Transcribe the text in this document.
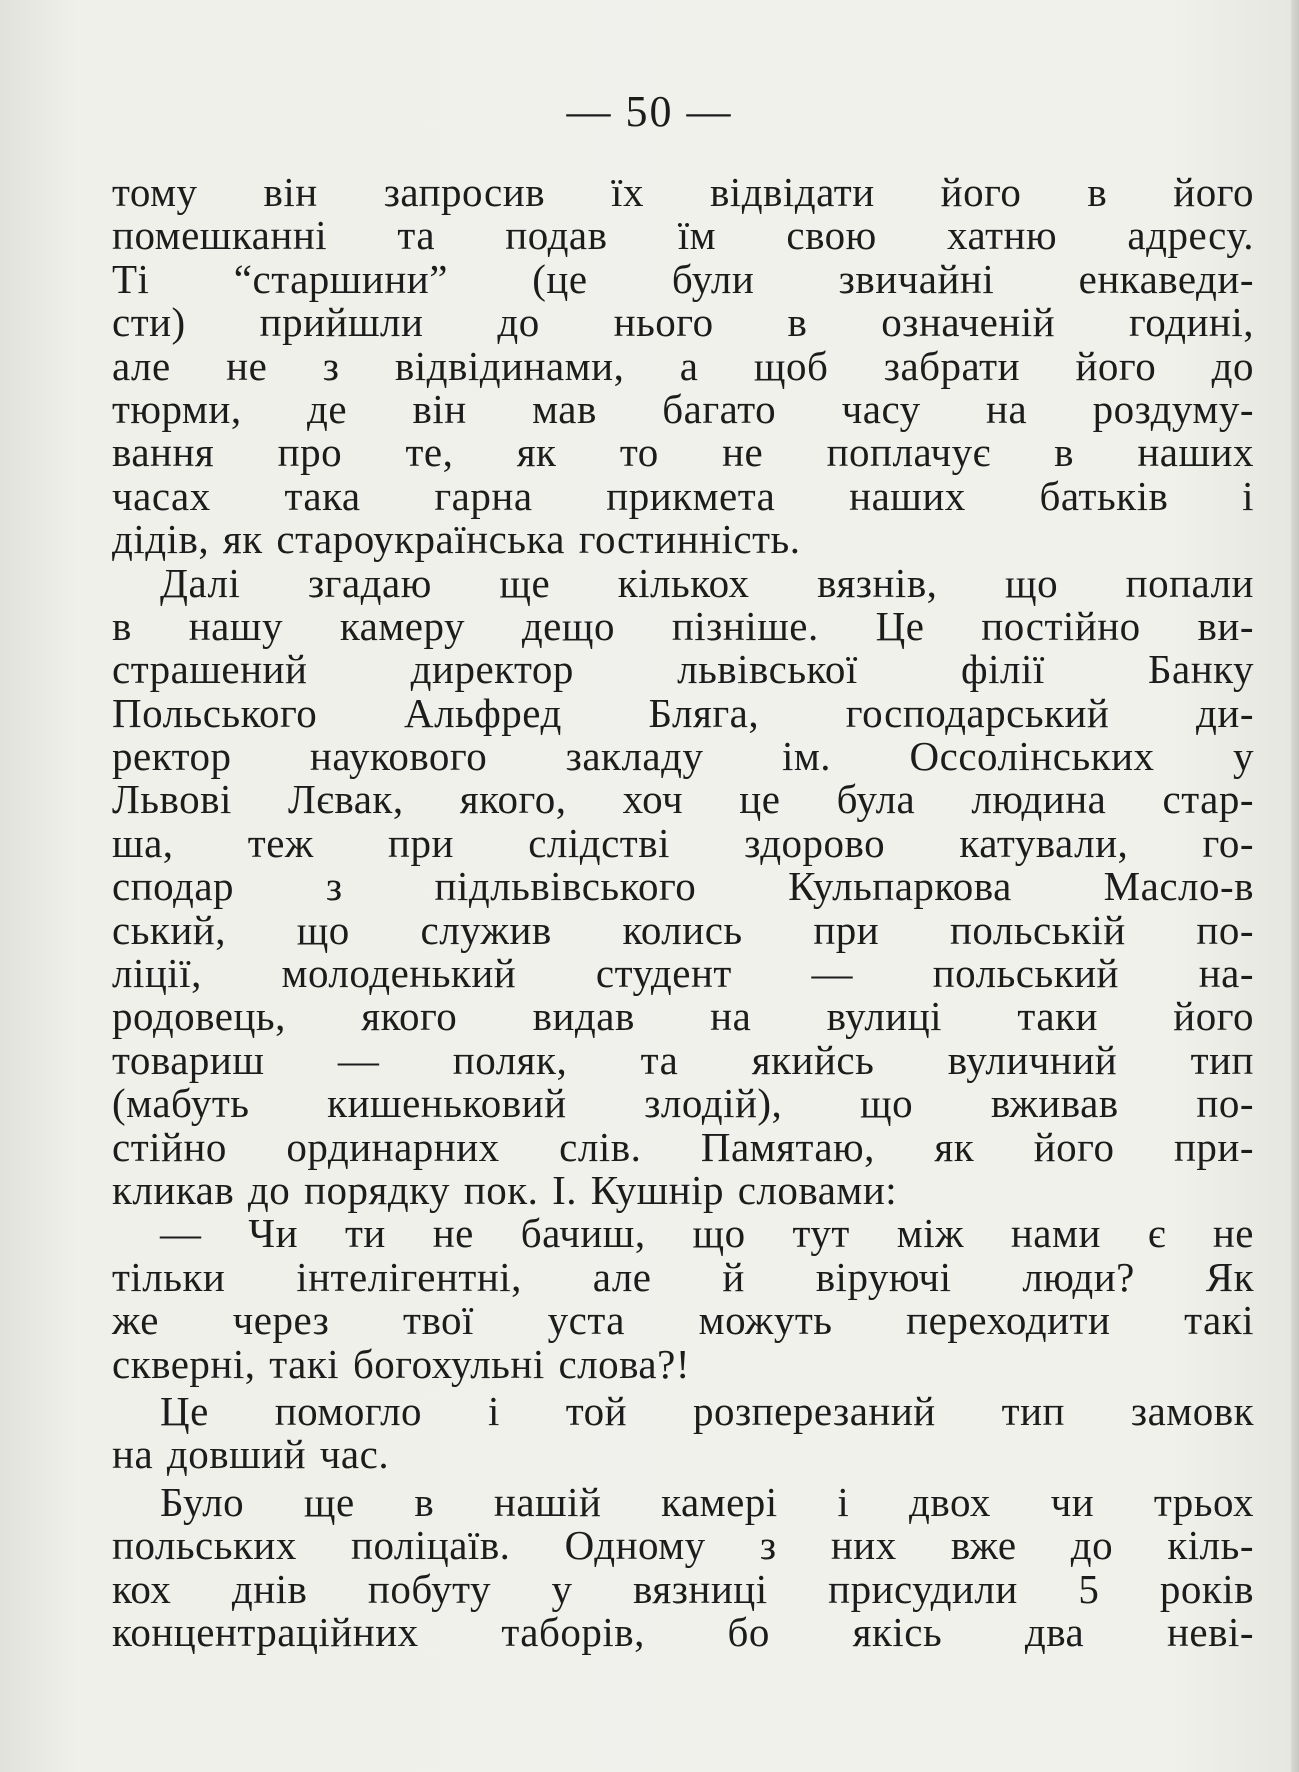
— 50 —
тому він запросив їх відвідати його в його
помешканні та подав їм свою хатню адресу.
Ті “старшини” (це були звичайні енкаведи-
сти) прийшли до нього в означеній годині,
але не з відвідинами, а щоб забрати його до
тюрми, де він мав багато часу на роздуму-
вання про те, як то не поплачує в наших
часах така гарна прикмета наших батьків і
дідів, як староукраїнська гостинність.
Далі згадаю ще кількох вязнів, що попали
в нашу камеру дещо пізніше. Це постійно ви-
страшений директор львівської філії Банку
Польського Альфред Бляга, господарський ди-
ректор наукового закладу ім. Оссолінських у
Львові Лєвак, якого, хоч це була людина стар-
ша, теж при слідстві здорово катували, го-
сподар з підльвівського Кульпаркова Масло-в
ський, що служив колись при польській по-
ліції, молоденький студент — польський на-
родовець, якого видав на вулиці таки його
товариш — поляк, та якийсь вуличний тип
(мабуть кишеньковий злодій), що вживав по-
стійно ординарних слів. Памятаю, як його при-
кликав до порядку пок. І. Кушнір словами:
— Чи ти не бачиш, що тут між нами є не
тільки інтелігентні, але й віруючі люди? Як
же через твої уста можуть переходити такі
скверні, такі богохульні слова?!
Це помогло і той розперезаний тип замовк
на довший час.
Було ще в нашій камері і двох чи трьох
польських поліцаїв. Одному з них вже до кіль-
кох днів побуту у вязниці присудили 5 років
концентраційних таборів, бо якісь два неві-
